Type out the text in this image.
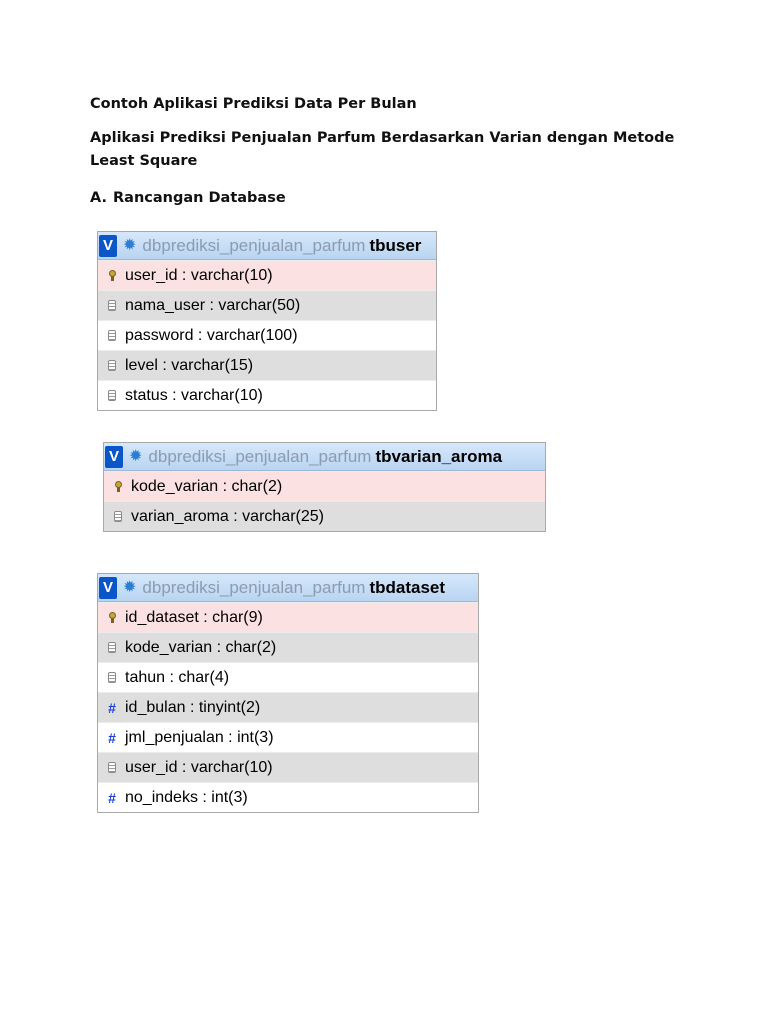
Contoh Aplikasi Prediksi Data Per Bulan
Aplikasi Prediksi Penjualan Parfum Berdasarkan Varian dengan Metode Least Square
A. Rancangan Database
V ✹ dbprediksi_penjualan_parfum tbuser
user_id : varchar(10)
nama_user : varchar(50)
password : varchar(100)
level : varchar(15)
status : varchar(10)
V ✹ dbprediksi_penjualan_parfum tbvarian_aroma
kode_varian : char(2)
varian_aroma : varchar(25)
V ✹ dbprediksi_penjualan_parfum tbdataset
id_dataset : char(9)
kode_varian : char(2)
tahun : char(4)
# id_bulan : tinyint(2)
# jml_penjualan : int(3)
user_id : varchar(10)
# no_indeks : int(3)
